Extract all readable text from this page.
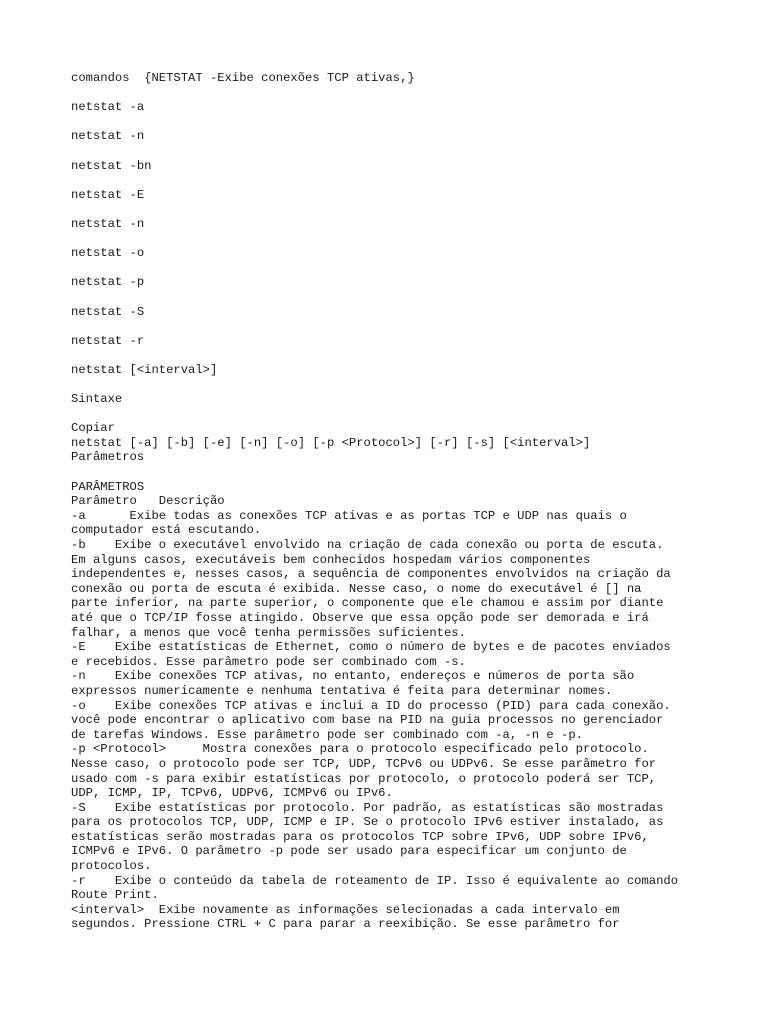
comandos  {NETSTAT -Exibe conexões TCP ativas,}
netstat -a
netstat -n
netstat -bn
netstat -E
netstat -n
netstat -o
netstat -p
netstat -S
netstat -r
netstat [<interval>]
Sintaxe
Copiar
netstat [-a] [-b] [-e] [-n] [-o] [-p <Protocol>] [-r] [-s] [<interval>]
Parâmetros
PARÂMETROS
Parâmetro   Descrição
-a      Exibe todas as conexões TCP ativas e as portas TCP e UDP nas quais o
computador está escutando.
-b    Exibe o executável envolvido na criação de cada conexão ou porta de escuta.
Em alguns casos, executáveis bem conhecidos hospedam vários componentes
independentes e, nesses casos, a sequência de componentes envolvidos na criação da
conexão ou porta de escuta é exibida. Nesse caso, o nome do executável é [] na
parte inferior, na parte superior, o componente que ele chamou e assim por diante
até que o TCP/IP fosse atingido. Observe que essa opção pode ser demorada e irá
falhar, a menos que você tenha permissões suficientes.
-E    Exibe estatísticas de Ethernet, como o número de bytes e de pacotes enviados
e recebidos. Esse parâmetro pode ser combinado com -s.
-n    Exibe conexões TCP ativas, no entanto, endereços e números de porta são
expressos numericamente e nenhuma tentativa é feita para determinar nomes.
-o    Exibe conexões TCP ativas e inclui a ID do processo (PID) para cada conexão.
você pode encontrar o aplicativo com base na PID na guia processos no gerenciador
de tarefas Windows. Esse parâmetro pode ser combinado com -a, -n e -p.
-p <Protocol>     Mostra conexões para o protocolo especificado pelo protocolo.
Nesse caso, o protocolo pode ser TCP, UDP, TCPv6 ou UDPv6. Se esse parâmetro for
usado com -s para exibir estatísticas por protocolo, o protocolo poderá ser TCP,
UDP, ICMP, IP, TCPv6, UDPv6, ICMPv6 ou IPv6.
-S    Exibe estatísticas por protocolo. Por padrão, as estatísticas são mostradas
para os protocolos TCP, UDP, ICMP e IP. Se o protocolo IPv6 estiver instalado, as
estatísticas serão mostradas para os protocolos TCP sobre IPv6, UDP sobre IPv6,
ICMPv6 e IPv6. O parâmetro -p pode ser usado para especificar um conjunto de
protocolos.
-r    Exibe o conteúdo da tabela de roteamento de IP. Isso é equivalente ao comando
Route Print.
<interval>  Exibe novamente as informações selecionadas a cada intervalo em
segundos. Pressione CTRL + C para parar a reexibição. Se esse parâmetro for
